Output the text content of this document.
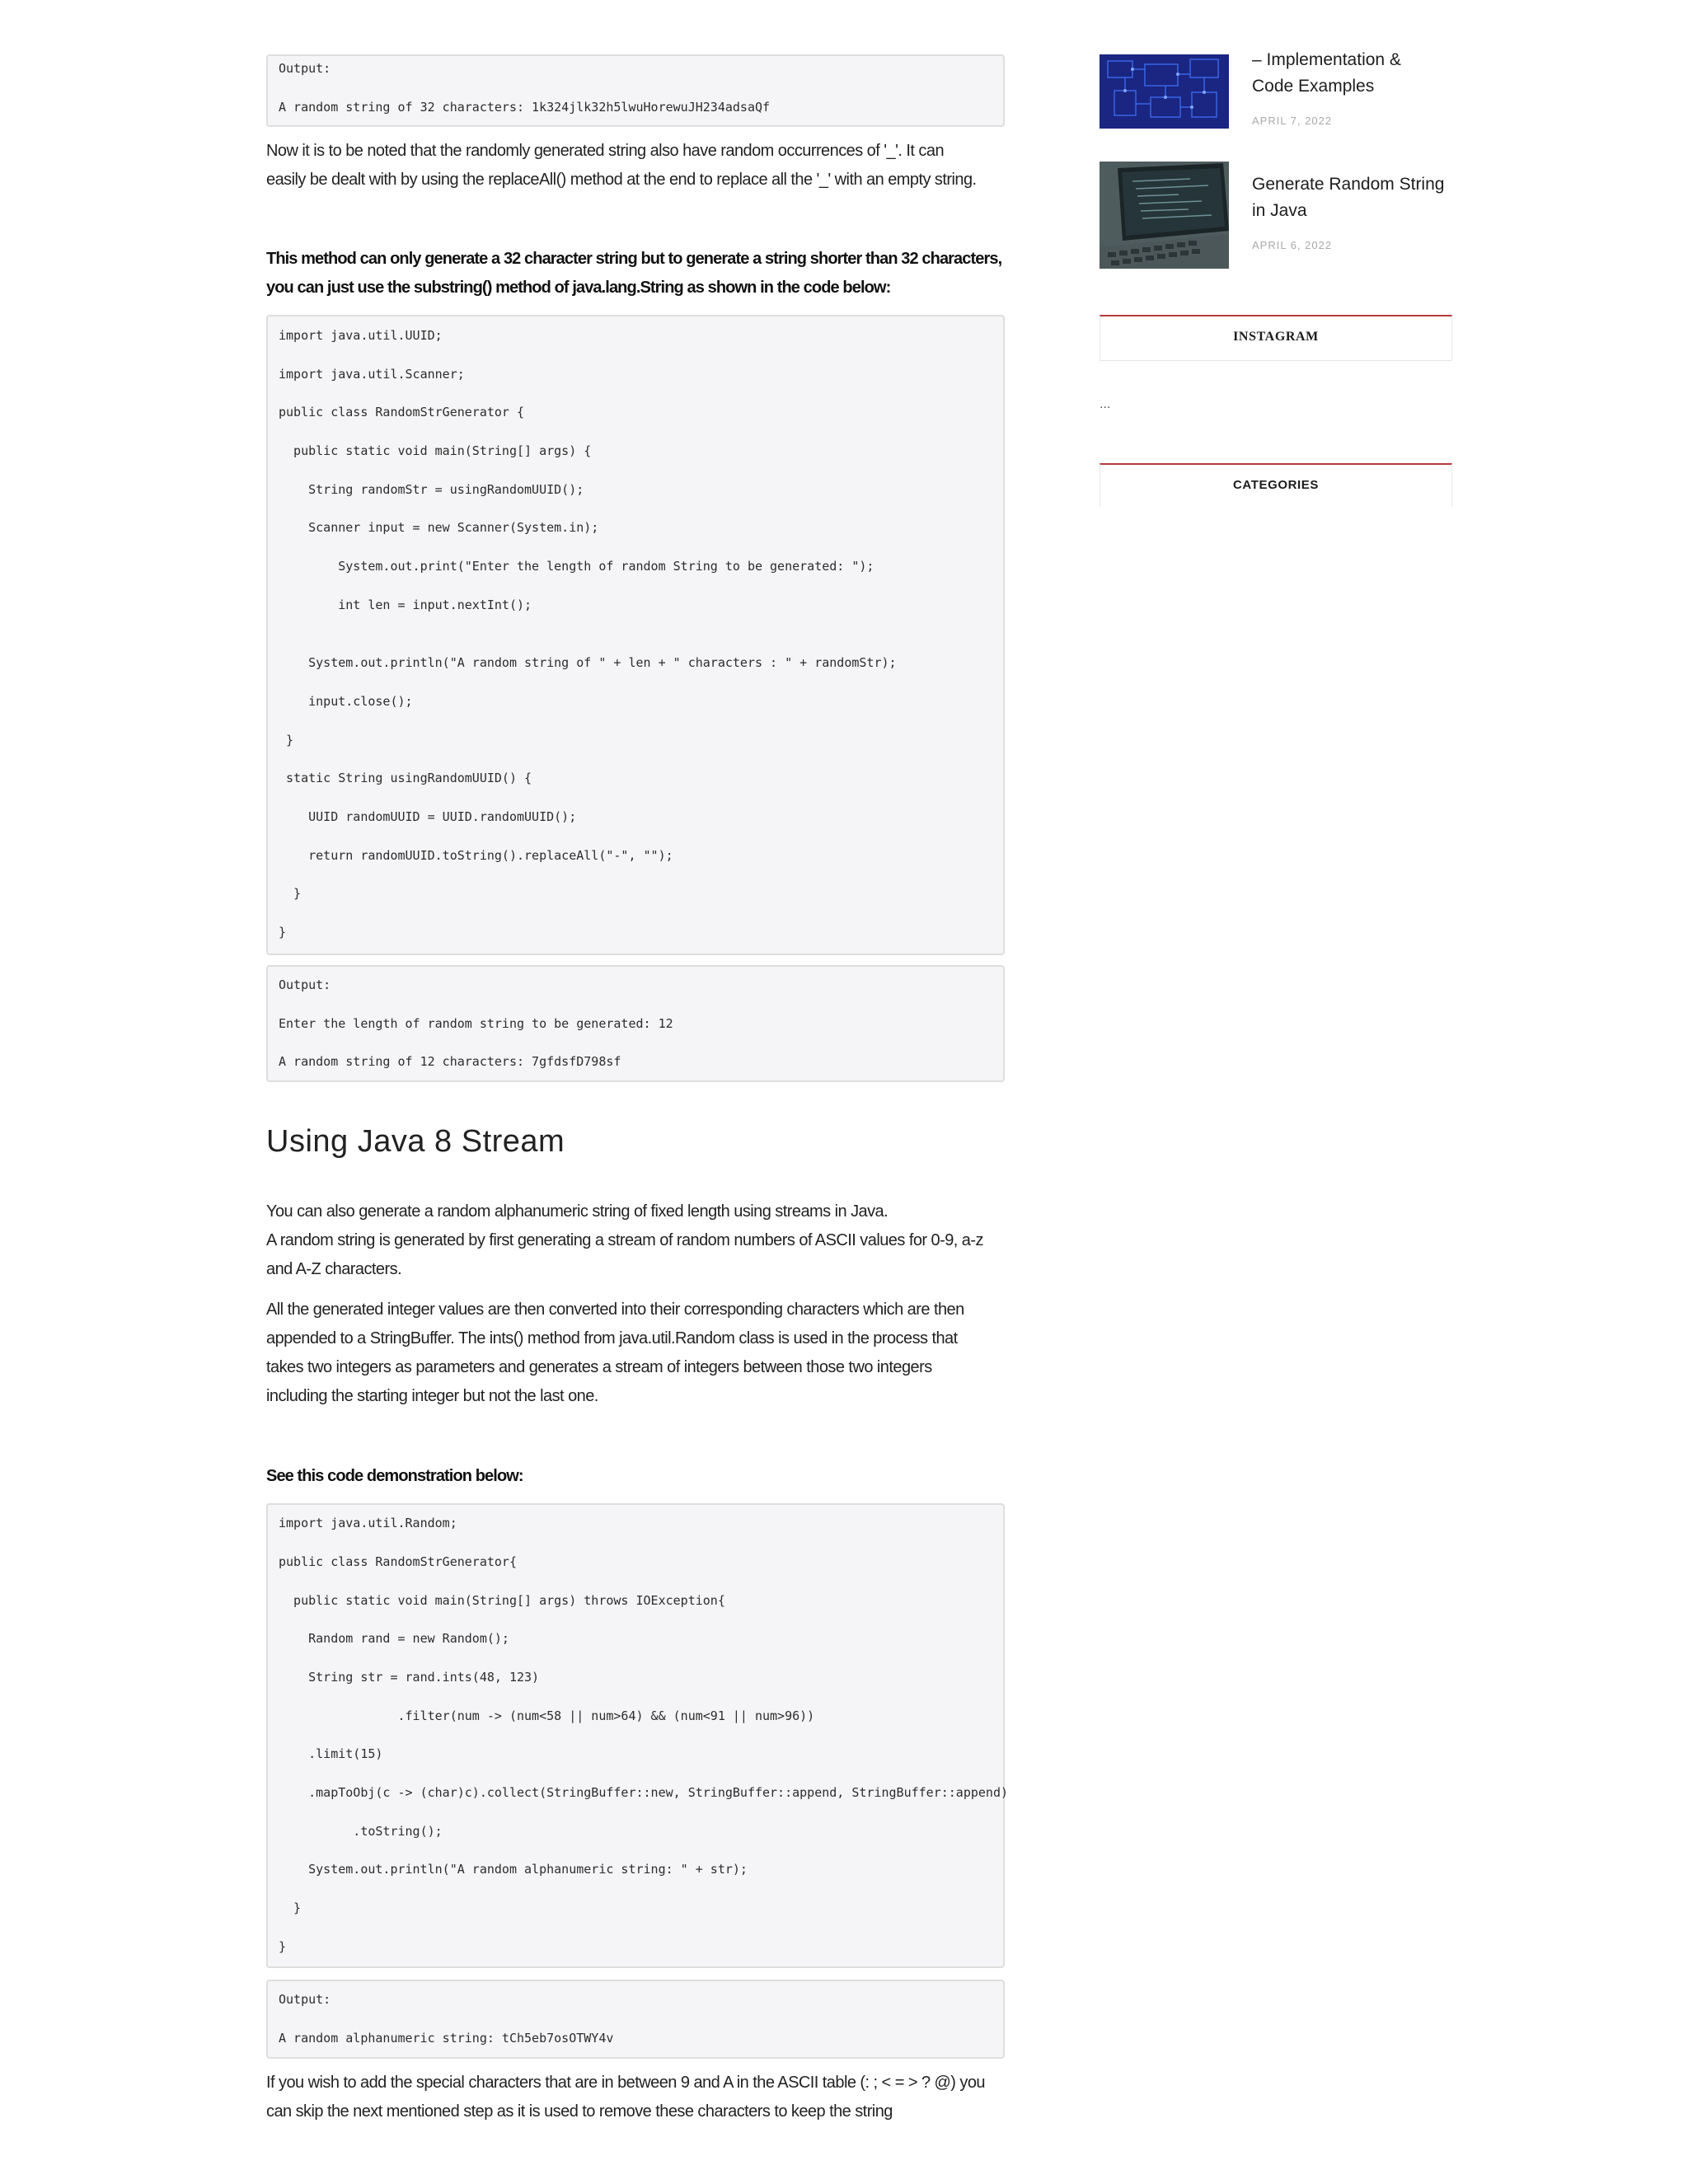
Output:
A random string of 32 characters: 1k324jlk32h5lwuHorewuJH234adsaQf

Now it is to be noted that the randomly generated string also have random occurrences of '_'. It can
easily be dealt with by using the replaceAll() method at the end to replace all the '_' with an empty string.

This method can only generate a 32 character string but to generate a string shorter than 32 characters,
you can just use the substring() method of java.lang.String as shown in the code below:

import java.util.UUID;
import java.util.Scanner;
public class RandomStrGenerator {
public static void main(String[] args) {
String randomStr = usingRandomUUID();
Scanner input = new Scanner(System.in);
System.out.print("Enter the length of random String to be generated: ");
int len = input.nextInt();
System.out.println("A random string of " + len + " characters : " + randomStr);
input.close();
}
static String usingRandomUUID() {
UUID randomUUID = UUID.randomUUID();
return randomUUID.toString().replaceAll("-", "");
}
}
Output:
Enter the length of random string to be generated: 12
A random string of 12 characters: 7gfdsfD798sf
Using Java 8 Stream

You can also generate a random alphanumeric string of fixed length using streams in Java.
A random string is generated by first generating a stream of random numbers of ASCII values for 0-9, a-z
and A-Z characters.

All the generated integer values are then converted into their corresponding characters which are then
appended to a StringBuffer. The ints() method from java.util.Random class is used in the process that
takes two integers as parameters and generates a stream of integers between those two integers
including the starting integer but not the last one.

See this code demonstration below:

import java.util.Random;
public class RandomStrGenerator{
public static void main(String[] args) throws IOException{
Random rand = new Random();
String str = rand.ints(48, 123)
.filter(num -> (num<58 || num>64) && (num<91 || num>96))
.limit(15)
.mapToObj(c -> (char)c).collect(StringBuffer::new, StringBuffer::append, StringBuffer::append)
.toString();
System.out.println("A random alphanumeric string: " + str);
}
}
Output:
A random alphanumeric string: tCh5eb7osOTWY4v

If you wish to add the special characters that are in between 9 and A in the ASCII table (: ; < = > ? @) you
can skip the next mentioned step as it is used to remove these characters to keep the string

– Implementation &
Code Examples
APRIL 7, 2022
Generate Random String
in Java
APRIL 6, 2022
INSTAGRAM
...
CATEGORIES
